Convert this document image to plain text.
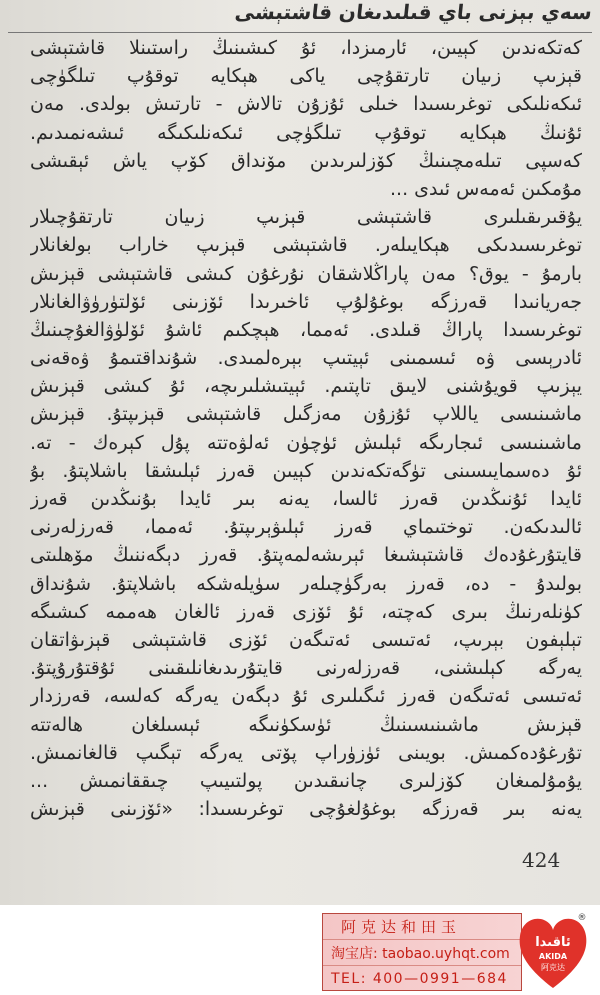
سەي بېزنى باي قىلىدىغان قاشتېشى
كەتكەندىن كېيىن، ئارمىزدا، ئۇ كىشىنىڭ راستىنلا قاشتېشى
قېزىپ زىيان تارتقۇچى ياكى ھېكايە توقۇپ تىلگۈچى
ئىكەنلىكى توغرىسىدا خىلى ئۇزۇن تالاش - تارتىش بولدى. مەن
ئۇنىڭ ھېكايە توقۇپ تىلگۈچى ئىكەنلىكىگە ئىشەنمىدىم.
كەسپى تىلەمچىنىڭ كۆزلىرىدىن مۆنداق كۆپ ياش ئېقىشى
مۇمكىن ئەمەس ئىدى ...
يۇقىرىقىلىرى قاشتېشى قېزىپ زىيان تارتقۇچىلار
توغرىسىدىكى ھېكايىلەر. قاشتېشى قېزىپ خاراب بولغانلار
بارمۇ - يوق؟ مەن پاراڭلاشقان نۇرغۇن كىشى قاشتېشى قېزىش
جەريانىدا قەرزگە بوغۇلۇپ ئاخىرىدا ئۆزىنى ئۆلتۈرۈۋالغانلار
توغرىسىدا پاراڭ قىلدى. ئەمما، ھېچكىم ئاشۇ ئۆلۈۋالغۇچىنىڭ
ئادرېسى ۋە ئىسمىنى ئېيتىپ بېرەلمىدى. شۇنداقتىمۇ ۋەقەنى
يېزىپ قويۇشنى لايىق تاپتىم. ئېيتىشلىرىچە، ئۇ كىشى قېزىش
ماشىنىسى ياللاپ ئۇزۇن مەزگىل قاشتېشى قېزىپتۇ. قېزىش
ماشىنىسى ئىجارىگە ئېلىش ئۈچۈن ئەلۋەتتە پۇل كېرەك - تە.
ئۇ دەسمايىسىنى تۈگەتكەندىن كېيىن قەرز ئېلىشقا باشلاپتۇ. بۇ
ئايدا ئۇنىڭدىن قەرز ئالسا، يەنە بىر ئايدا بۇنىڭدىن قەرز
ئالىدىكەن. توختىماي قەرز ئېلىۋېرىپتۇ. ئەمما، قەرزلەرنى
قايتۇرغۇدەك قاشتېشىغا ئېرىشەلمەپتۇ. قەرز دېگەننىڭ مۆھلىتى
بولىدۇ - دە، قەرز بەرگۈچىلەر سۈيلەشكە باشلاپتۇ. شۇنداق
كۈنلەرنىڭ بىرى كەچتە، ئۇ ئۆزى قەرز ئالغان ھەممە كىشىگە
تېلېفون بېرىپ، ئەتىسى ئەتىگەن ئۆزى قاشتېشى قېزىۋاتقان
يەرگە كېلىشنى، قەرزلەرنى قايتۇرىدىغانلىقىنى ئۇقتۇرۇپتۇ.
ئەتىسى ئەتىگەن قەرز ئىگىلىرى ئۇ دېگەن يەرگە كەلسە، قەرزدار
قېزىش ماشىنىسىنىڭ ئۈسكۈنىگە ئېسىلغان ھالەتتە
تۇرغۇدەكمىش. بويىنى ئۈزۈراپ پۆتى يەرگە تېگىپ قالغانمىش.
يۇمۇلمىغان كۆزلىرى چانىقىدىن پولتىيىپ چىققانمىش ...
يەنە بىر قەرزگە بوغۇلغۇچى توغرىسىدا: «ئۆزىنى قېزىش
424
阿克达和田玉
淘宝店: taobao.uyhqt.com
TEL: 400—0991—684
ئاقىدا
AKIDA
阿克达
®
